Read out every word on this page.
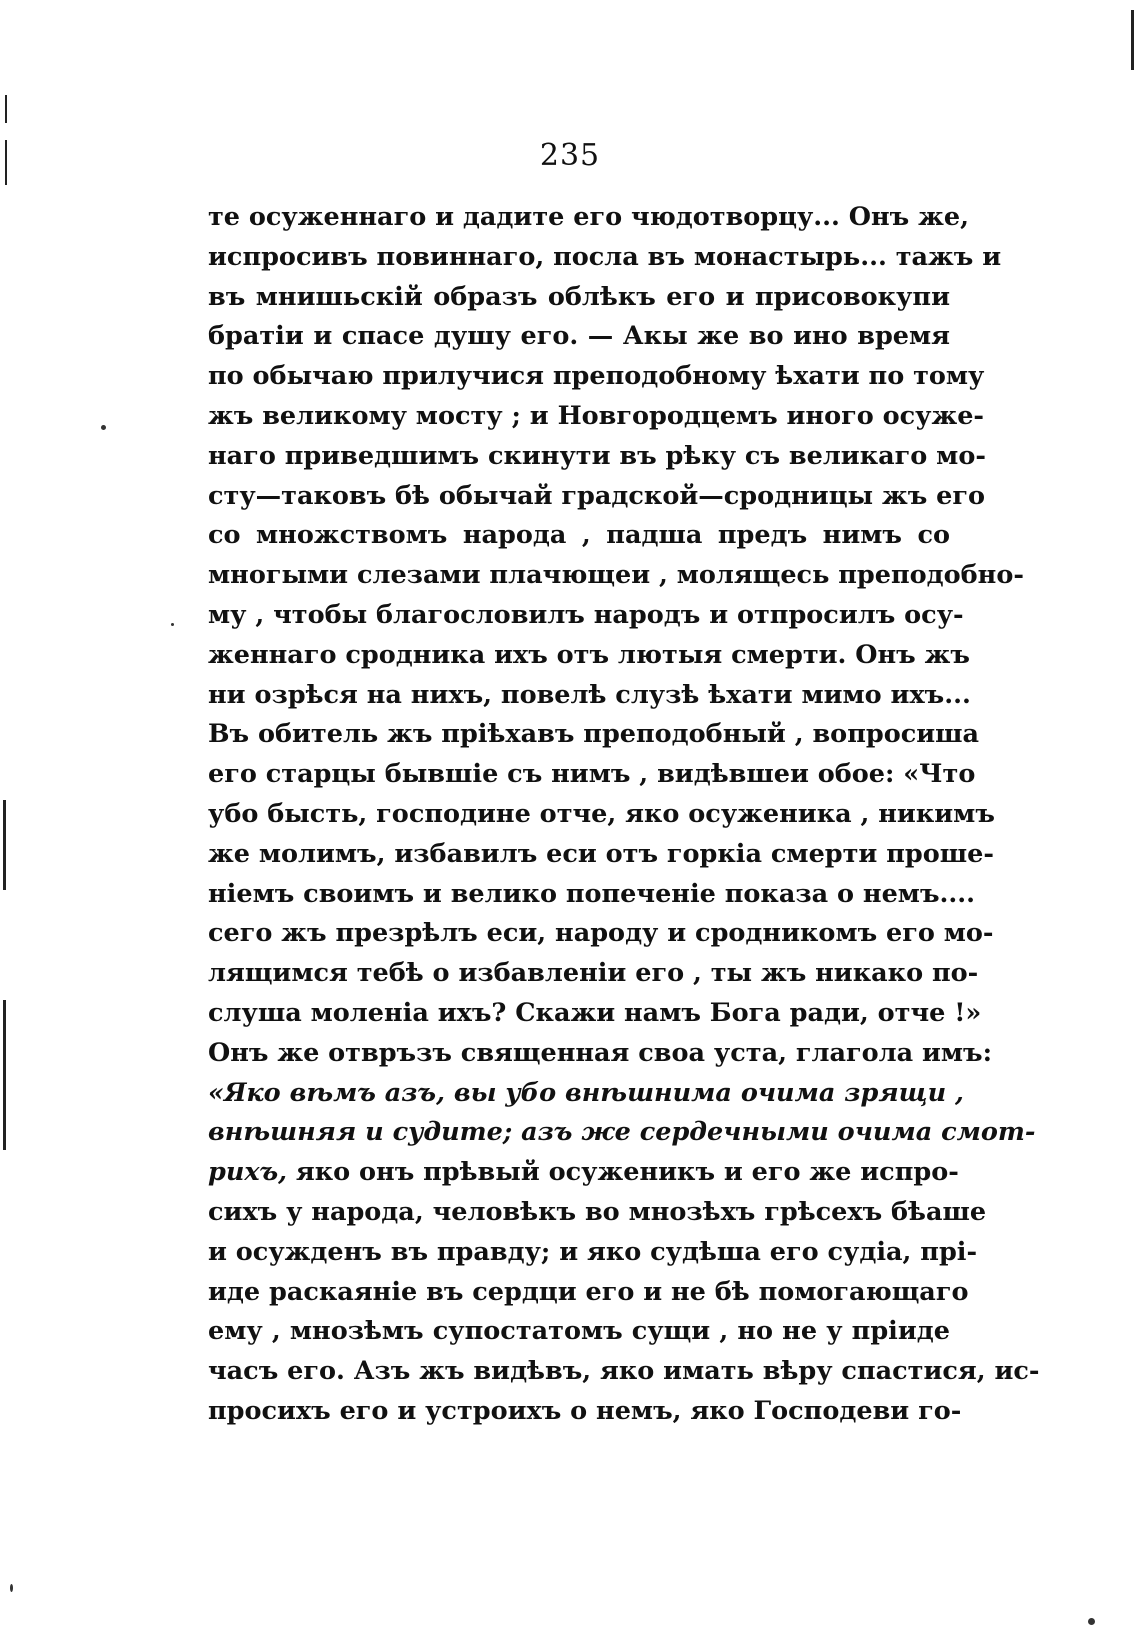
235
те осуженнаго и дадите его чюдотворцу... Онъ же,
испросивъ повиннаго, посла въ монастырь... тажъ и
въ мнишьскій образъ облѣкъ его и присовокупи
братіи и спасе душу его. — Акы же во ино время
по обычаю прилучися преподобному ѣхати по тому
жъ великому мосту ; и Новгородцемъ иного осуже-
наго приведшимъ скинути въ рѣку съ великаго мо-
сту—таковъ бѣ обычай градской—сродницы жъ его
со множствомъ народа , падша предъ нимъ со
многыми слезами плачющеи , молящесь преподобно-
му , чтобы благословилъ народъ и отпросилъ осу-
женнаго сродника ихъ отъ лютыя смерти. Онъ жъ
ни озрѣся на нихъ, повелѣ слузѣ ѣхати мимо ихъ...
Въ обитель жъ пріѣхавъ преподобный , вопросиша
его старцы бывшіе съ нимъ , видѣвшеи обое: «Что
убо бысть, господине отче, яко осуженика , никимъ
же молимъ, избавилъ еси отъ горкіа смерти проше-
ніемъ своимъ и велико попеченіе показа о немъ....
сего жъ презрѣлъ еси, народу и сродникомъ его мо-
лящимся тебѣ о избавленіи его , ты жъ никако по-
слуша моленіа ихъ? Скажи намъ Бога ради, отче !»
Онъ же отвръзъ священная своа уста, глагола имъ:
«Яко вѣмъ азъ, вы убо внѣшнима очима зрящи ,
внѣшняя и судите; азъ же сердечными очима смот-
рихъ, яко онъ прѣвый осуженикъ и его же испро-
сихъ у народа, человѣкъ во мнозѣхъ грѣсехъ бѣаше
и осужденъ въ правду; и яко судѣша его судіа, прі-
иде раскаяніе въ сердци его и не бѣ помогающаго
ему , мнозѣмъ супостатомъ сущи , но не у пріиде
часъ его. Азъ жъ видѣвъ, яко имать вѣру спастися, ис-
просихъ его и устроихъ о немъ, яко Господеви го-
